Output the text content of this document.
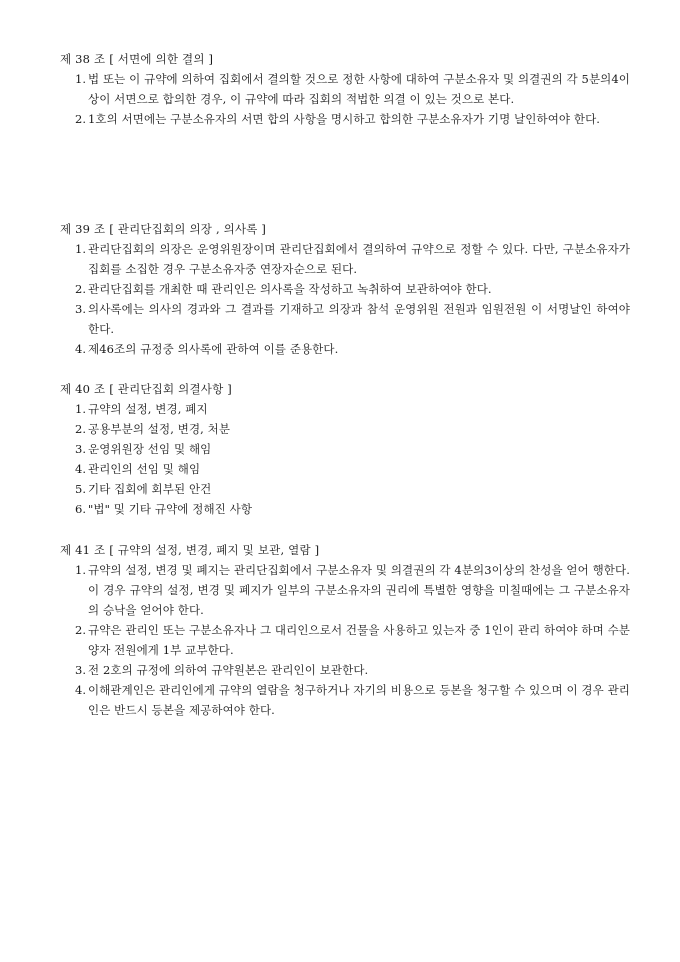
제 38 조 [ 서면에 의한 결의 ]
1. 법 또는 이 규약에 의하여 집회에서 결의할 것으로 정한 사항에 대하여 구분소유자 및 의결권의 각 5분의4이상이 서면으로 합의한 경우, 이 규약에 따라 집회의 적법한 의결 이 있는 것으로 본다.
2. 1호의 서면에는 구분소유자의 서면 합의 사항을 명시하고 합의한 구분소유자가 기명 날인하여야 한다.
제 39 조 [ 관리단집회의 의장 , 의사록 ]
1. 관리단집회의 의장은 운영위원장이며 관리단집회에서 결의하여 규약으로 정할 수 있다. 다만, 구분소유자가 집회를 소집한 경우 구분소유자중 연장자순으로 된다.
2. 관리단집회를 개최한 때 관리인은 의사록을 작성하고 녹취하여 보관하여야 한다.
3. 의사록에는 의사의 경과와 그 결과를 기재하고 의장과 참석 운영위원 전원과 임원전원 이 서명날인 하여야 한다.
4. 제46조의 규정중 의사록에 관하여 이를 준용한다.
제 40 조 [ 관리단집회 의결사항 ]
1. 규약의 설정, 변경, 폐지
2. 공용부분의 설정, 변경, 처분
3. 운영위원장 선임 및 해임
4. 관리인의 선임 및 해임
5. 기타 집회에 회부된 안건
6. "법" 및 기타 규약에 정해진 사항
제 41 조 [ 규약의 설정, 변경, 폐지 및 보관, 열람 ]
1. 규약의 설정, 변경 및 폐지는 관리단집회에서 구분소유자 및 의결권의 각 4분의3이상의 찬성을 얻어 행한다. 이 경우 규약의 설정, 변경 및 폐지가 일부의 구분소유자의 권리에 특별한 영향을 미칠때에는 그 구분소유자의 승낙을 얻어야 한다.
2. 규약은 관리인 또는 구분소유자나 그 대리인으로서 건물을 사용하고 있는자 중 1인이 관리 하여야 하며 수분양자 전원에게 1부 교부한다.
3. 전 2호의 규정에 의하여 규약원본은 관리인이 보관한다.
4. 이해관계인은 관리인에게 규약의 열람을 청구하거나 자기의 비용으로 등본을 청구할 수 있으며 이 경우 관리인은 반드시 등본을 제공하여야 한다.
